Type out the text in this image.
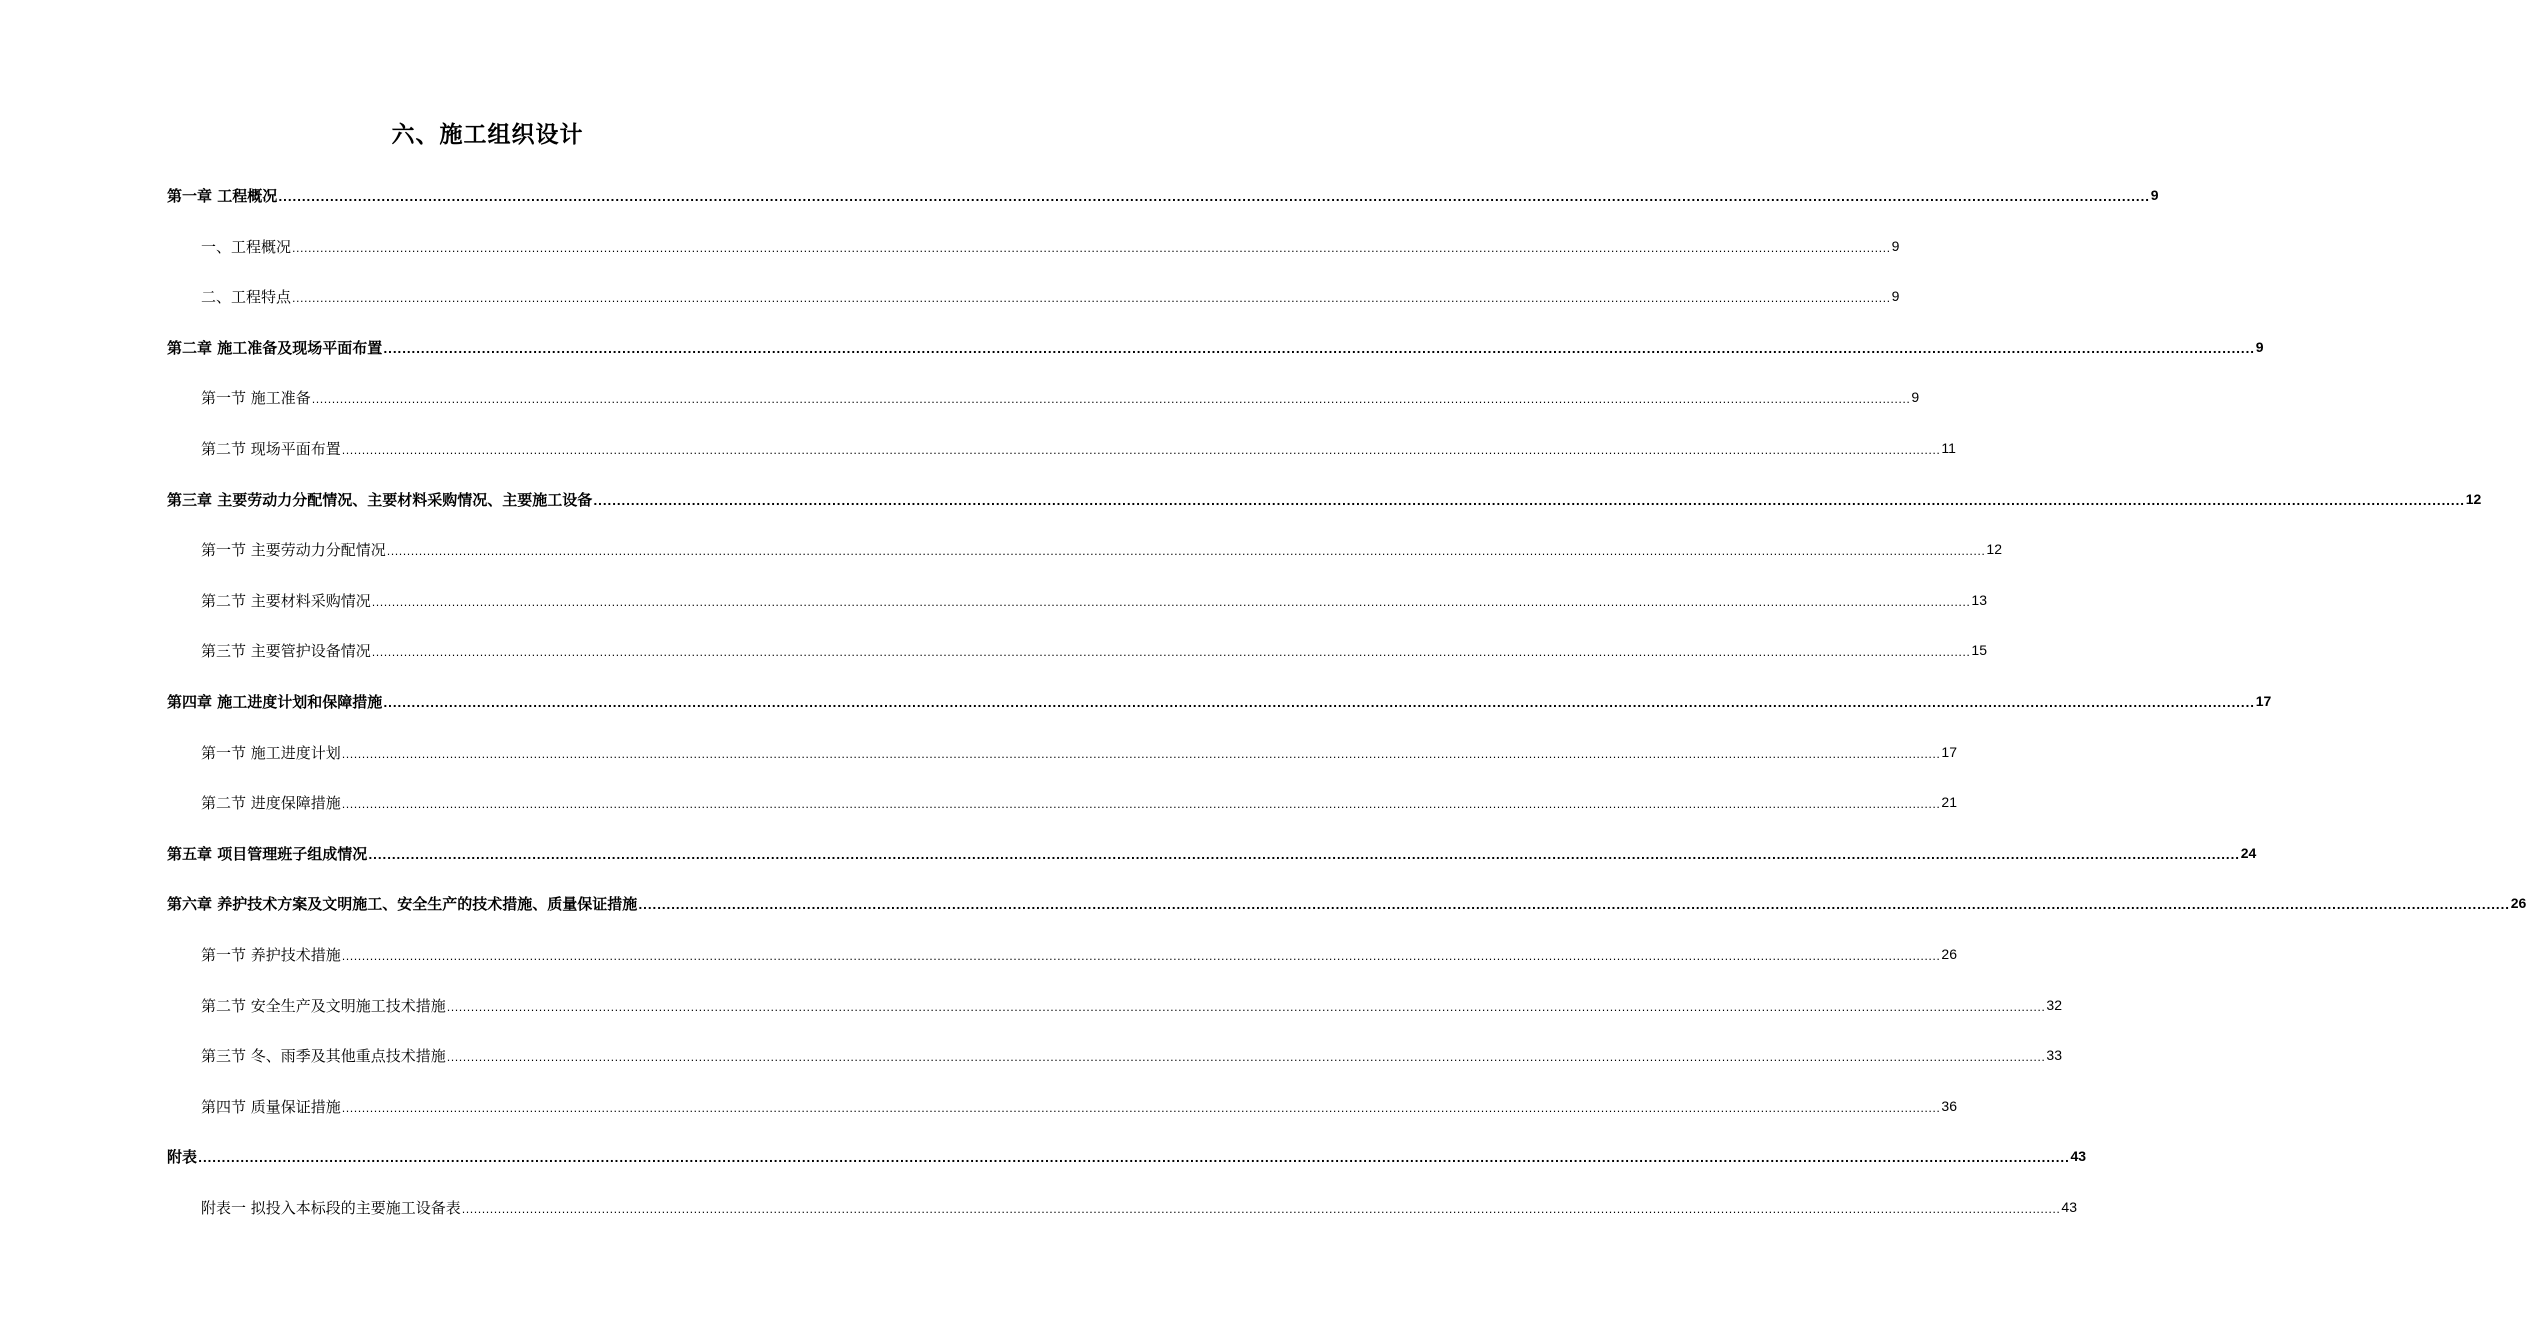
六、施工组织设计
第一章 工程概况 ................................................................................................................................................................................................................................................................................................................................................................................................................ 9
一、工程概况 ................................................................................................................................................................................................................................................................................................................................................................................................................ 9
二、工程特点 ................................................................................................................................................................................................................................................................................................................................................................................................................ 9
第二章 施工准备及现场平面布置 ................................................................................................................................................................................................................................................................................................................................................................................................................ 9
第一节 施工准备 ................................................................................................................................................................................................................................................................................................................................................................................................................ 9
第二节 现场平面布置 ................................................................................................................................................................................................................................................................................................................................................................................................................ 11
第三章 主要劳动力分配情况、主要材料采购情况、主要施工设备 ................................................................................................................................................................................................................................................................................................................................................................................................................ 12
第一节 主要劳动力分配情况 ................................................................................................................................................................................................................................................................................................................................................................................................................ 12
第二节 主要材料采购情况 ................................................................................................................................................................................................................................................................................................................................................................................................................ 13
第三节 主要管护设备情况 ................................................................................................................................................................................................................................................................................................................................................................................................................ 15
第四章 施工进度计划和保障措施 ................................................................................................................................................................................................................................................................................................................................................................................................................ 17
第一节 施工进度计划 ................................................................................................................................................................................................................................................................................................................................................................................................................ 17
第二节 进度保障措施 ................................................................................................................................................................................................................................................................................................................................................................................................................ 21
第五章 项目管理班子组成情况 ................................................................................................................................................................................................................................................................................................................................................................................................................ 24
第六章 养护技术方案及文明施工、安全生产的技术措施、质量保证措施 ................................................................................................................................................................................................................................................................................................................................................................................................................ 26
第一节 养护技术措施 ................................................................................................................................................................................................................................................................................................................................................................................................................ 26
第二节 安全生产及文明施工技术措施 ................................................................................................................................................................................................................................................................................................................................................................................................................ 32
第三节 冬、雨季及其他重点技术措施 ................................................................................................................................................................................................................................................................................................................................................................................................................ 33
第四节 质量保证措施 ................................................................................................................................................................................................................................................................................................................................................................................................................ 36
附表 ................................................................................................................................................................................................................................................................................................................................................................................................................ 43
附表一 拟投入本标段的主要施工设备表 ................................................................................................................................................................................................................................................................................................................................................................................................................ 43
